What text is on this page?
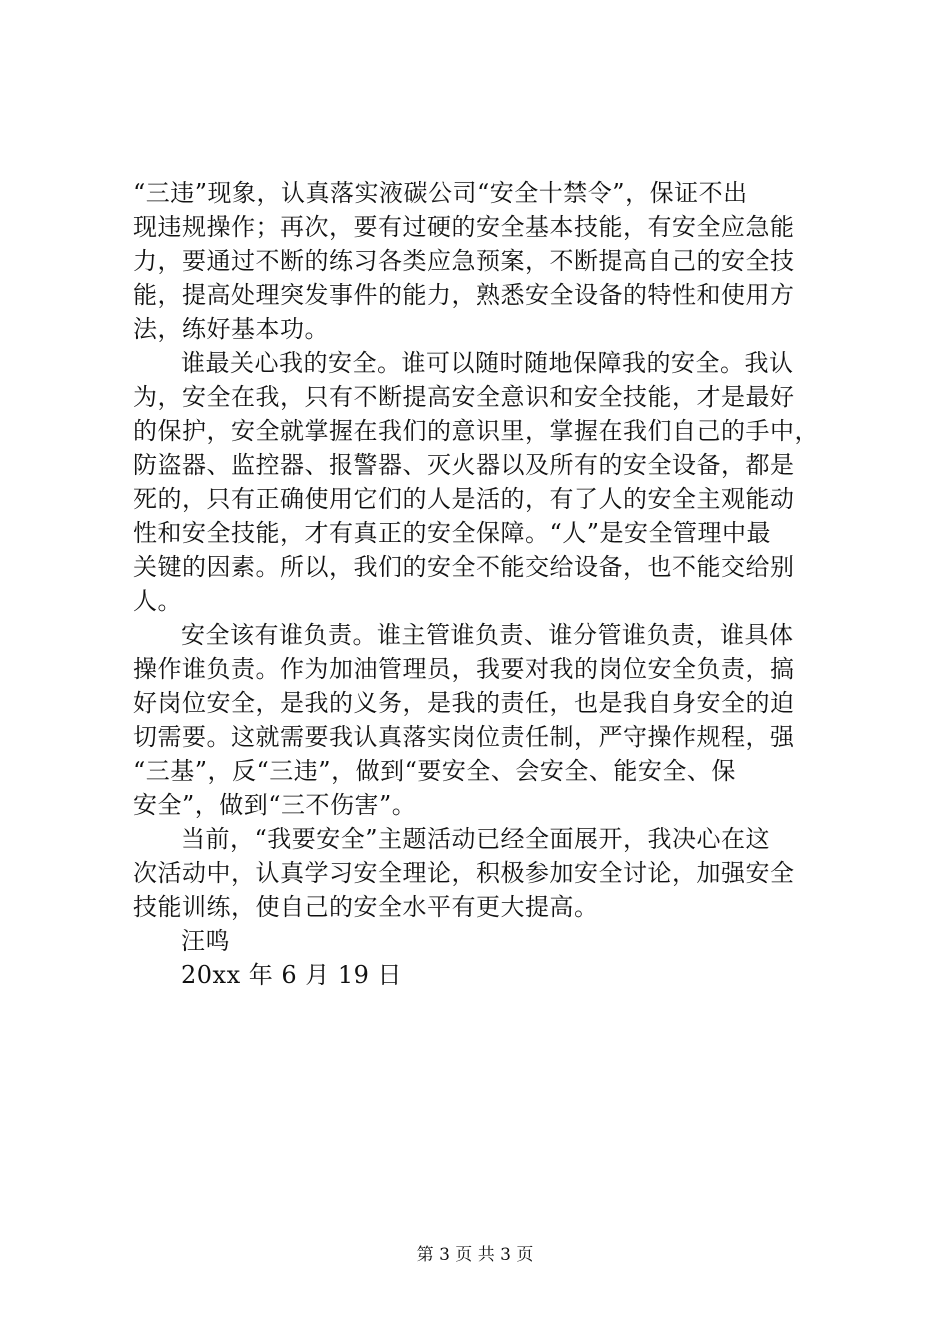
“三违”现象，认真落实液碳公司“安全十禁令”，保证不出
现违规操作；再次，要有过硬的安全基本技能，有安全应急能
力，要通过不断的练习各类应急预案，不断提高自己的安全技
能，提高处理突发事件的能力，熟悉安全设备的特性和使用方
法，练好基本功。
谁最关心我的安全。谁可以随时随地保障我的安全。我认
为，安全在我，只有不断提高安全意识和安全技能，才是最好
的保护，安全就掌握在我们的意识里，掌握在我们自己的手中，
防盗器、监控器、报警器、灭火器以及所有的安全设备，都是
死的，只有正确使用它们的人是活的，有了人的安全主观能动
性和安全技能，才有真正的安全保障。“人”是安全管理中最
关键的因素。所以，我们的安全不能交给设备，也不能交给别
人。
安全该有谁负责。谁主管谁负责、谁分管谁负责，谁具体
操作谁负责。作为加油管理员，我要对我的岗位安全负责，搞
好岗位安全，是我的义务，是我的责任，也是我自身安全的迫
切需要。这就需要我认真落实岗位责任制，严守操作规程，强
“三基”，反“三违”，做到“要安全、会安全、能安全、保
安全”，做到“三不伤害”。
当前，“我要安全”主题活动已经全面展开，我决心在这
次活动中，认真学习安全理论，积极参加安全讨论，加强安全
技能训练，使自己的安全水平有更大提高。
汪鸣
20xx 年 6 月 19 日
第 3 页 共 3 页
